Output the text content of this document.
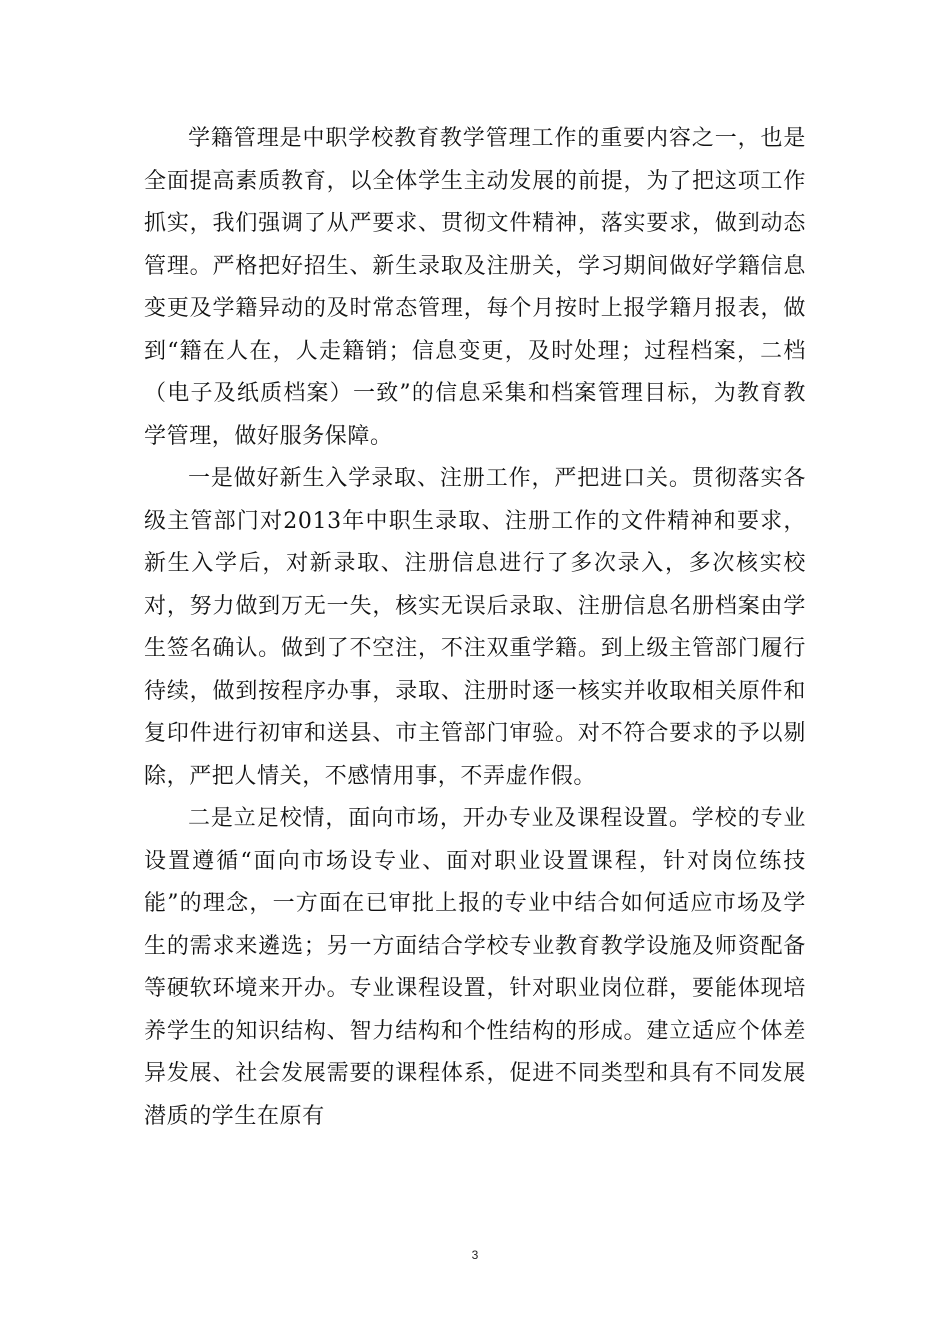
学籍管理是中职学校教育教学管理工作的重要内容之一，也是全面提高素质教育，以全体学生主动发展的前提，为了把这项工作抓实，我们强调了从严要求、贯彻文件精神，落实要求，做到动态管理。严格把好招生、新生录取及注册关，学习期间做好学籍信息变更及学籍异动的及时常态管理，每个月按时上报学籍月报表，做到“籍在人在，人走籍销；信息变更，及时处理；过程档案，二档（电子及纸质档案）一致”的信息采集和档案管理目标，为教育教学管理，做好服务保障。

一是做好新生入学录取、注册工作，严把进口关。贯彻落实各级主管部门对2013年中职生录取、注册工作的文件精神和要求，新生入学后，对新录取、注册信息进行了多次录入，多次核实校对，努力做到万无一失，核实无误后录取、注册信息名册档案由学生签名确认。做到了不空注，不注双重学籍。到上级主管部门履行待续，做到按程序办事，录取、注册时逐一核实并收取相关原件和复印件进行初审和送县、市主管部门审验。对不符合要求的予以剔除，严把人情关，不感情用事，不弄虚作假。

二是立足校情，面向市场，开办专业及课程设置。学校的专业设置遵循“面向市场设专业、面对职业设置课程，针对岗位练技能”的理念，一方面在已审批上报的专业中结合如何适应市场及学生的需求来遴选；另一方面结合学校专业教育教学设施及师资配备等硬软环境来开办。专业课程设置，针对职业岗位群，要能体现培养学生的知识结构、智力结构和个性结构的形成。建立适应个体差异发展、社会发展需要的课程体系，促进不同类型和具有不同发展潜质的学生在原有

3
